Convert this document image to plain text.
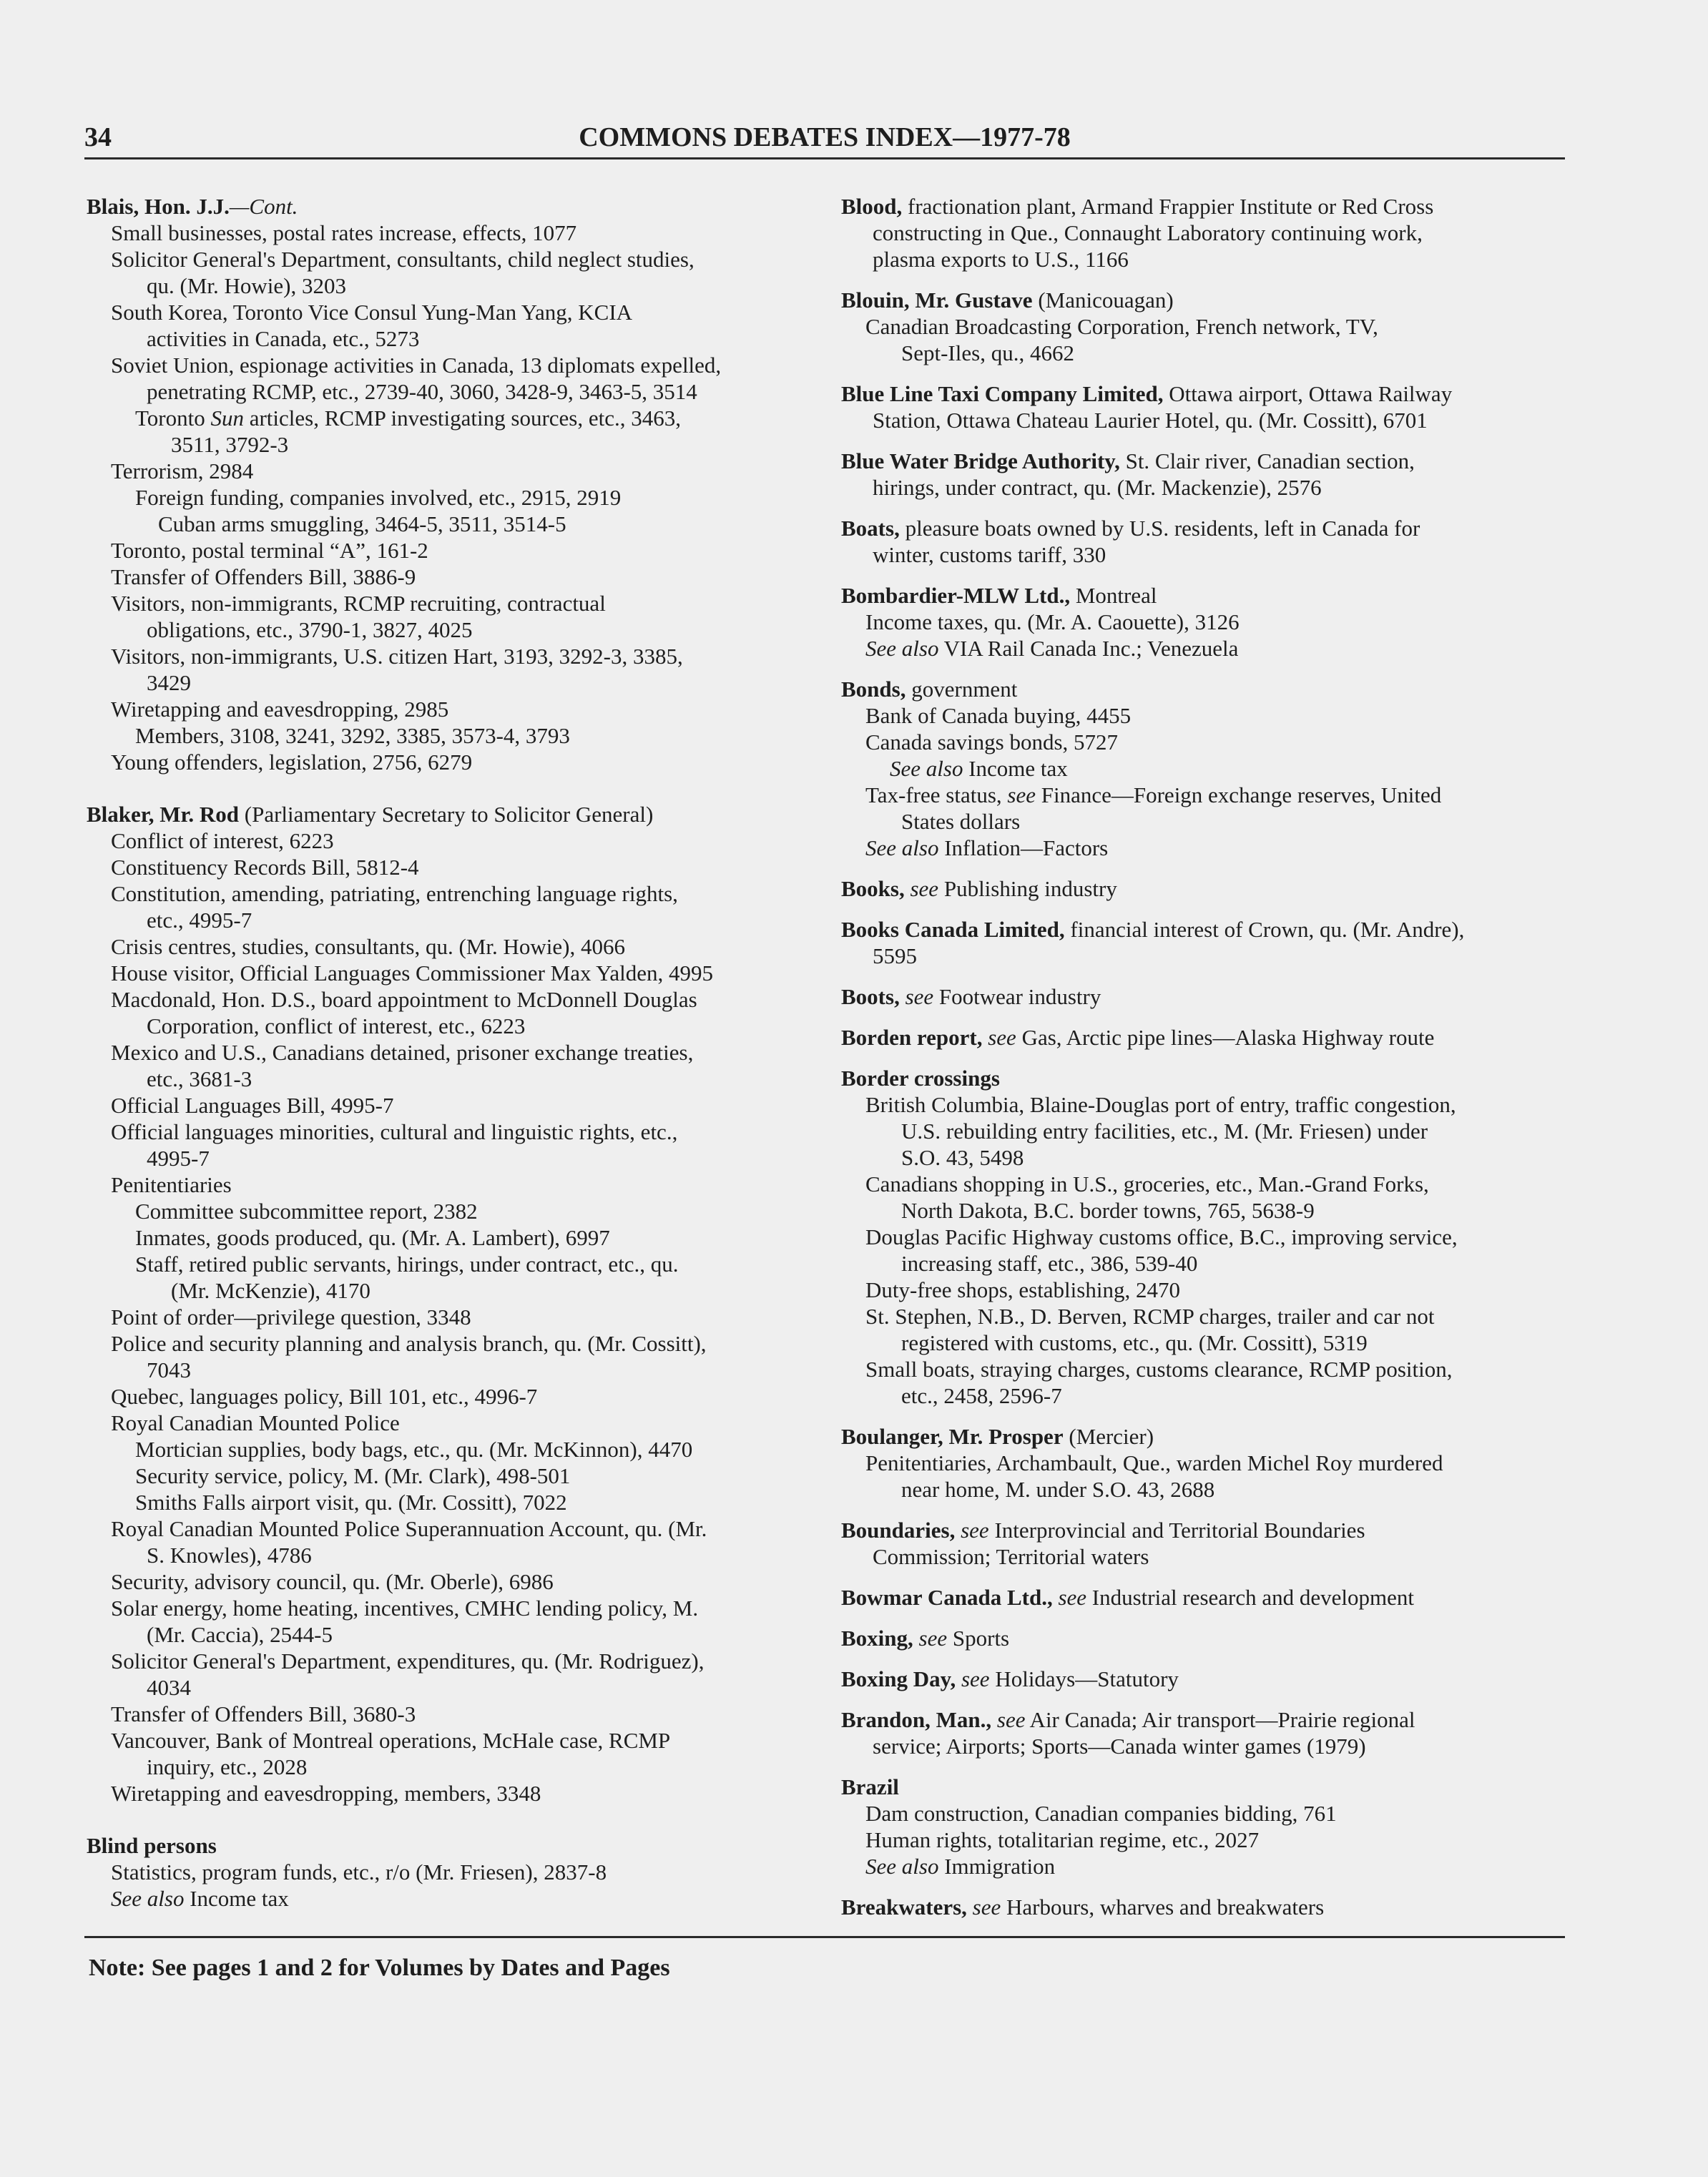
34	COMMONS DEBATES INDEX—1977-78
Blais, Hon. J.J.—Cont.
Small businesses, postal rates increase, effects, 1077
Solicitor General's Department, consultants, child neglect studies,
qu. (Mr. Howie), 3203
South Korea, Toronto Vice Consul Yung-Man Yang, KCIA
activities in Canada, etc., 5273
Soviet Union, espionage activities in Canada, 13 diplomats expelled,
penetrating RCMP, etc., 2739-40, 3060, 3428-9, 3463-5, 3514
Toronto Sun articles, RCMP investigating sources, etc., 3463,
3511, 3792-3
Terrorism, 2984
Foreign funding, companies involved, etc., 2915, 2919
Cuban arms smuggling, 3464-5, 3511, 3514-5
Toronto, postal terminal “A”, 161-2
Transfer of Offenders Bill, 3886-9
Visitors, non-immigrants, RCMP recruiting, contractual
obligations, etc., 3790-1, 3827, 4025
Visitors, non-immigrants, U.S. citizen Hart, 3193, 3292-3, 3385,
3429
Wiretapping and eavesdropping, 2985
Members, 3108, 3241, 3292, 3385, 3573-4, 3793
Young offenders, legislation, 2756, 6279
Blaker, Mr. Rod (Parliamentary Secretary to Solicitor General)
Conflict of interest, 6223
Constituency Records Bill, 5812-4
Constitution, amending, patriating, entrenching language rights,
etc., 4995-7
Crisis centres, studies, consultants, qu. (Mr. Howie), 4066
House visitor, Official Languages Commissioner Max Yalden, 4995
Macdonald, Hon. D.S., board appointment to McDonnell Douglas
Corporation, conflict of interest, etc., 6223
Mexico and U.S., Canadians detained, prisoner exchange treaties,
etc., 3681-3
Official Languages Bill, 4995-7
Official languages minorities, cultural and linguistic rights, etc.,
4995-7
Penitentiaries
Committee subcommittee report, 2382
Inmates, goods produced, qu. (Mr. A. Lambert), 6997
Staff, retired public servants, hirings, under contract, etc., qu.
(Mr. McKenzie), 4170
Point of order—privilege question, 3348
Police and security planning and analysis branch, qu. (Mr. Cossitt),
7043
Quebec, languages policy, Bill 101, etc., 4996-7
Royal Canadian Mounted Police
Mortician supplies, body bags, etc., qu. (Mr. McKinnon), 4470
Security service, policy, M. (Mr. Clark), 498-501
Smiths Falls airport visit, qu. (Mr. Cossitt), 7022
Royal Canadian Mounted Police Superannuation Account, qu. (Mr.
S. Knowles), 4786
Security, advisory council, qu. (Mr. Oberle), 6986
Solar energy, home heating, incentives, CMHC lending policy, M.
(Mr. Caccia), 2544-5
Solicitor General's Department, expenditures, qu. (Mr. Rodriguez),
4034
Transfer of Offenders Bill, 3680-3
Vancouver, Bank of Montreal operations, McHale case, RCMP
inquiry, etc., 2028
Wiretapping and eavesdropping, members, 3348
Blind persons
Statistics, program funds, etc., r/o (Mr. Friesen), 2837-8
See also Income tax
Blood, fractionation plant, Armand Frappier Institute or Red Cross
constructing in Que., Connaught Laboratory continuing work,
plasma exports to U.S., 1166
Blouin, Mr. Gustave (Manicouagan)
Canadian Broadcasting Corporation, French network, TV,
Sept-Iles, qu., 4662
Blue Line Taxi Company Limited, Ottawa airport, Ottawa Railway
Station, Ottawa Chateau Laurier Hotel, qu. (Mr. Cossitt), 6701
Blue Water Bridge Authority, St. Clair river, Canadian section,
hirings, under contract, qu. (Mr. Mackenzie), 2576
Boats, pleasure boats owned by U.S. residents, left in Canada for
winter, customs tariff, 330
Bombardier-MLW Ltd., Montreal
Income taxes, qu. (Mr. A. Caouette), 3126
See also VIA Rail Canada Inc.; Venezuela
Bonds, government
Bank of Canada buying, 4455
Canada savings bonds, 5727
See also Income tax
Tax-free status, see Finance—Foreign exchange reserves, United
States dollars
See also Inflation—Factors
Books, see Publishing industry
Books Canada Limited, financial interest of Crown, qu. (Mr. Andre),
5595
Boots, see Footwear industry
Borden report, see Gas, Arctic pipe lines—Alaska Highway route
Border crossings
British Columbia, Blaine-Douglas port of entry, traffic congestion,
U.S. rebuilding entry facilities, etc., M. (Mr. Friesen) under
S.O. 43, 5498
Canadians shopping in U.S., groceries, etc., Man.-Grand Forks,
North Dakota, B.C. border towns, 765, 5638-9
Douglas Pacific Highway customs office, B.C., improving service,
increasing staff, etc., 386, 539-40
Duty-free shops, establishing, 2470
St. Stephen, N.B., D. Berven, RCMP charges, trailer and car not
registered with customs, etc., qu. (Mr. Cossitt), 5319
Small boats, straying charges, customs clearance, RCMP position,
etc., 2458, 2596-7
Boulanger, Mr. Prosper (Mercier)
Penitentiaries, Archambault, Que., warden Michel Roy murdered
near home, M. under S.O. 43, 2688
Boundaries, see Interprovincial and Territorial Boundaries
Commission; Territorial waters
Bowmar Canada Ltd., see Industrial research and development
Boxing, see Sports
Boxing Day, see Holidays—Statutory
Brandon, Man., see Air Canada; Air transport—Prairie regional
service; Airports; Sports—Canada winter games (1979)
Brazil
Dam construction, Canadian companies bidding, 761
Human rights, totalitarian regime, etc., 2027
See also Immigration
Breakwaters, see Harbours, wharves and breakwaters
Note: See pages 1 and 2 for Volumes by Dates and Pages
